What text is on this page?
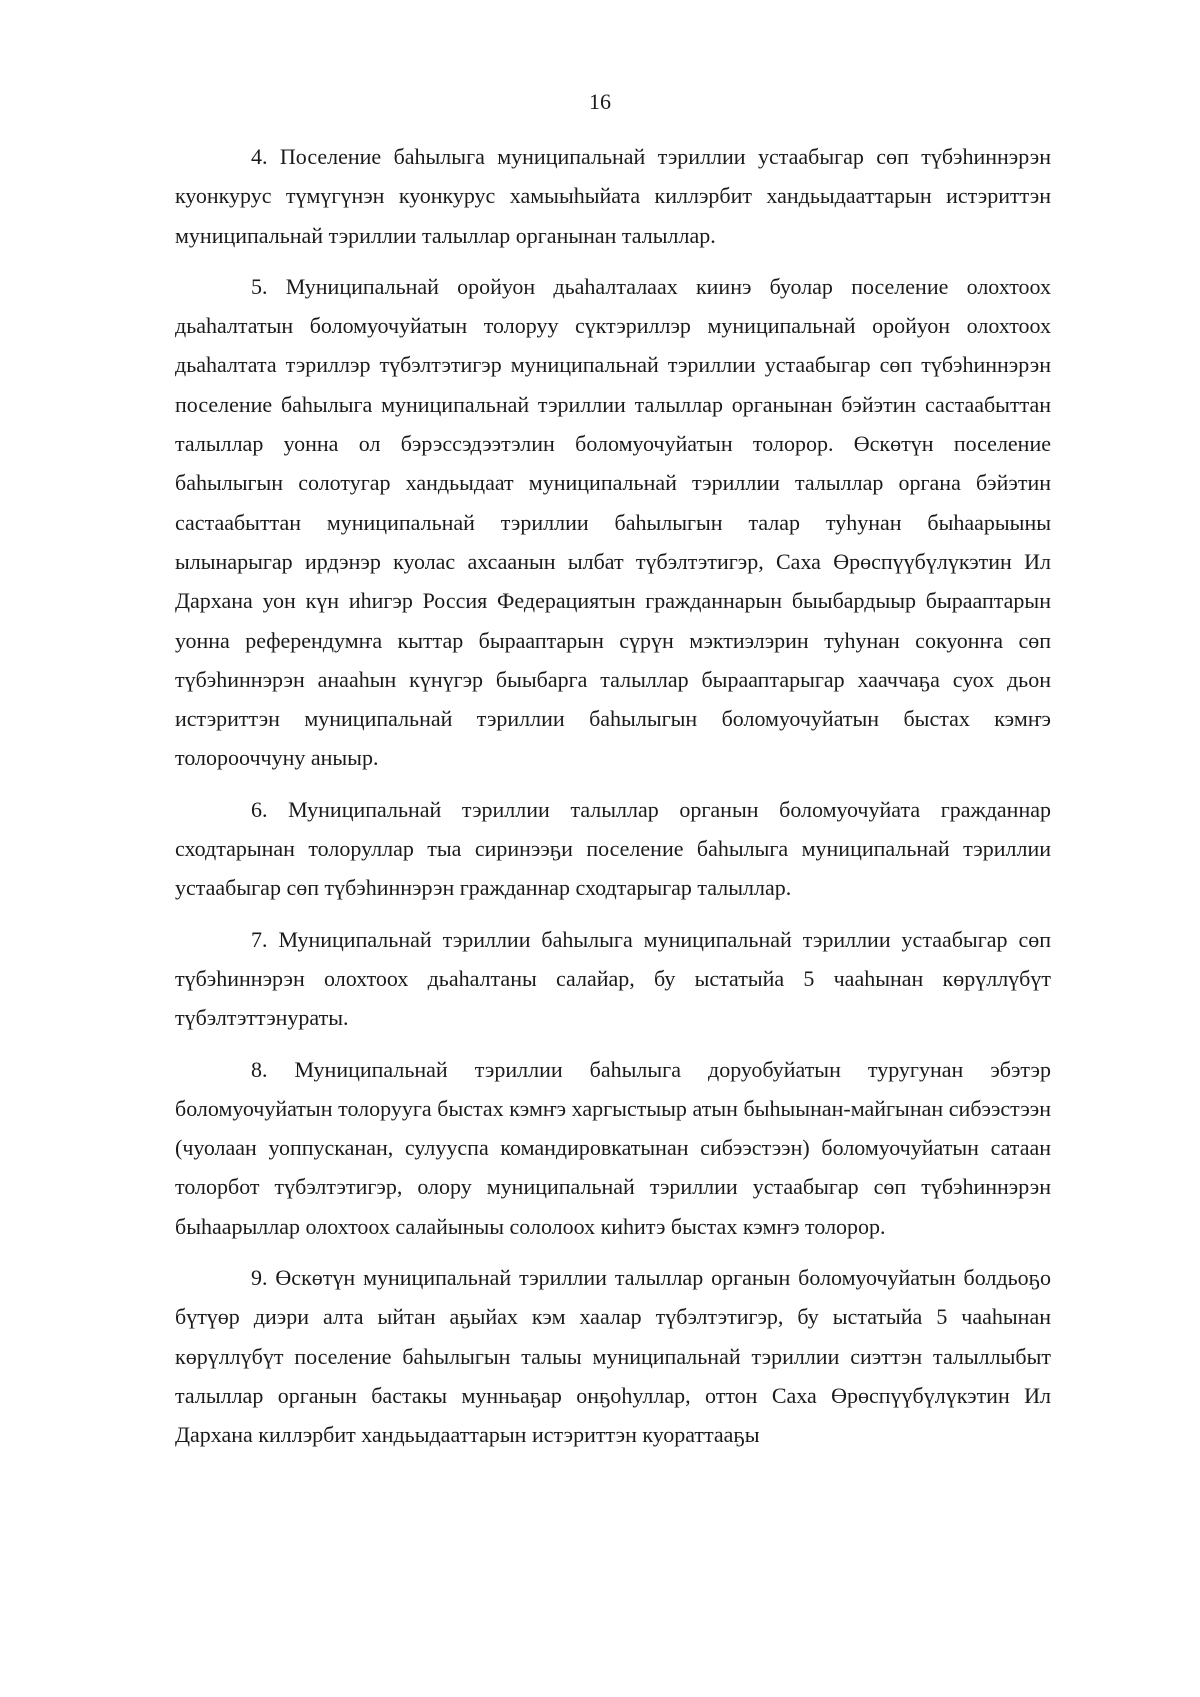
16

4. Поселение баһылыга муниципальнай тэриллии устаабыгар сөп түбэһиннэрэн куонкурус түмүгүнэн куонкурус хамыыһыйата киллэрбит хандьыдааттарын истэриттэн муниципальнай тэриллии талыллар органынан талыллар.

5. Муниципальнай оройуон дьаһалталаах киинэ буолар поселение олохтоох дьаһалтатын боломуочуйатын толоруу сүктэриллэр муниципальнай оройуон олохтоох дьаһалтата тэриллэр түбэлтэтигэр муниципальнай тэриллии устаабыгар сөп түбэһиннэрэн поселение баһылыга муниципальнай тэриллии талыллар органынан бэйэтин састаабыттан талыллар уонна ол бэрэссэдээтэлин боломуочуйатын толорор. Өскөтүн поселение баһылыгын солотугар хандьыдаат муниципальнай тэриллии талыллар органа бэйэтин састаабыттан муниципальнай тэриллии баһылыгын талар туһунан быһаарыыны ылынарыгар ирдэнэр куолас ахсаанын ылбат түбэлтэтигэр, Саха Өрөспүүбүлүкэтин Ил Дархана уон күн иһигэр Россия Федерациятын гражданнарын быыбардыыр бырааптарын уонна референдумҥа кыттар бырааптарын сүрүн мэктиэлэрин туһунан сокуонҥа сөп түбэһиннэрэн анааһын күнүгэр быыбарга талыллар бырааптарыгар хааччаҕа суох дьон истэриттэн муниципальнай тэриллии баһылыгын боломуочуйатын быстах кэмҥэ толорооччуну аныыр.

6. Муниципальнай тэриллии талыллар органын боломуочуйата гражданнар сходтарынан толоруллар тыа сиринээҕи поселение баһылыга муниципальнай тэриллии устаабыгар сөп түбэһиннэрэн гражданнар сходтарыгар талыллар.

7. Муниципальнай тэриллии баһылыга муниципальнай тэриллии устаабыгар сөп түбэһиннэрэн олохтоох дьаһалтаны салайар, бу ыстатыйа 5 чааһынан көрүллүбүт түбэлтэттэнураты.

8. Муниципальнай тэриллии баһылыга доруобуйатын туругунан эбэтэр боломуочуйатын толорууга быстах кэмҥэ харгыстыыр атын быһыынан-майгынан сибээстээн (чуолаан уоппусканан, сулууспа командировкатынан сибээстээн) боломуочуйатын сатаан толорбот түбэлтэтигэр, олору муниципальнай тэриллии устаабыгар сөп түбэһиннэрэн быһаарыллар олохтоох салайыныы сололоох киһитэ быстах кэмҥэ толорор.

9. Өскөтүн муниципальнай тэриллии талыллар органын боломуочуйатын болдьоҕо бүтүөр диэри алта ыйтан аҕыйах кэм хаалар түбэлтэтигэр, бу ыстатыйа 5 чааһынан көрүллүбүт поселение баһылыгын талыы муниципальнай тэриллии сиэттэн талыллыбыт талыллар органын бастакы мунньаҕар онҕоһуллар, оттон Саха Өрөспүүбүлүкэтин Ил Дархана киллэрбит хандьыдааттарын истэриттэн куораттааҕы
